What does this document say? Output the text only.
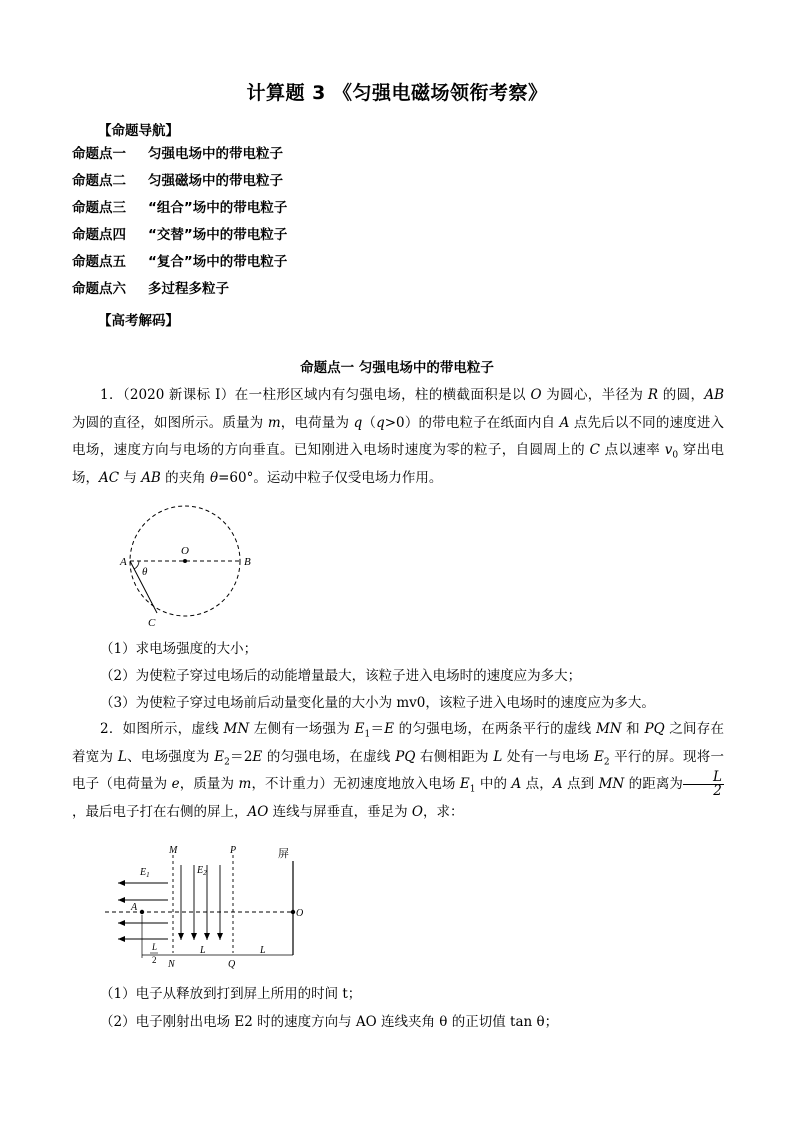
计算题 3 《匀强电磁场领衔考察》
【命题导航】
命题点一 匀强电场中的带电粒子
命题点二 匀强磁场中的带电粒子
命题点三 “组合”场中的带电粒子
命题点四 “交替”场中的带电粒子
命题点五 “复合”场中的带电粒子
命题点六 多过程多粒子
【高考解码】
命题点一 匀强电场中的带电粒子
1．（2020 新课标 I）在一柱形区域内有匀强电场，柱的横截面积是以 O 为圆心，半径为 R 的圆，AB 为圆的直径，如图所示。质量为 m，电荷量为 q（q>0）的带电粒子在纸面内自 A 点先后以不同的速度进入电场，速度方向与电场的方向垂直。已知刚进入电场时速度为零的粒子，自圆周上的 C 点以速率 $v_0$ 穿出电场，AC 与 AB 的夹角 θ=60°。运动中粒子仅受电场力作用。
O
A	B
C
θ
（1）求电场强度的大小；
（2）为使粒子穿过电场后的动能增量最大，该粒子进入电场时的速度应为多大；
（3）为使粒子穿过电场前后动量变化量的大小为 mv0，该粒子进入电场时的速度应为多大。
2．如图所示，虚线 MN 左侧有一场强为 $E_1=E$ 的匀强电场，在两条平行的虚线 MN 和 PQ 之间存在着宽为 L、电场强度为 $E_2=2E$ 的匀强电场，在虚线 PQ 右侧相距为 L 处有一与电场 $E_2$ 平行的屏。现将一电子（电荷量为 e，质量为 m，不计重力）无初速度地放入电场 $E_1$ 中的 A 点，A 点到 MN 的距离为 $\frac{L}{2}$
，最后电子打在右侧的屏上，AO 连线与屏垂直，垂足为 O，求：
M	P	屏
$E_1$	$E_2$
A
O
N	Q
L	L
L
2
（1）电子从释放到打到屏上所用的时间 t；
（2）电子刚射出电场 E2 时的速度方向与 AO 连线夹角 θ 的正切值 tan θ；
